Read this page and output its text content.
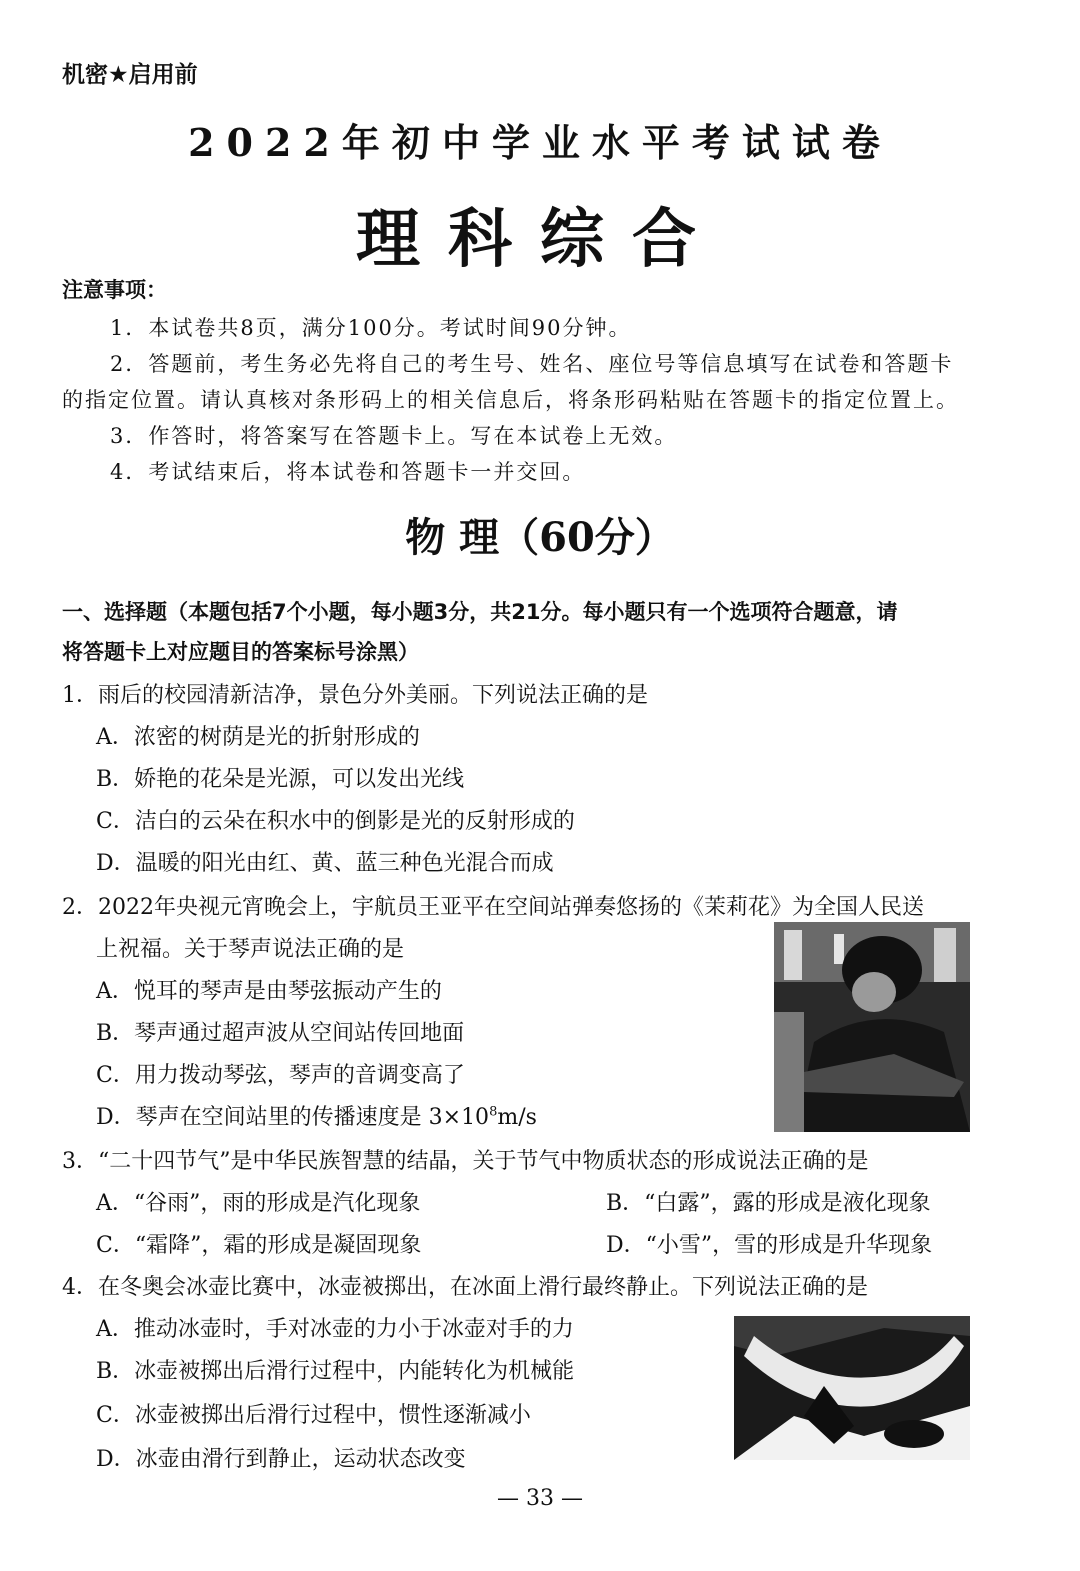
机密★启用前
2022年初中学业水平考试试卷
理科综合
注意事项：
1．本试卷共8页，满分100分。考试时间90分钟。
2．答题前，考生务必先将自己的考生号、姓名、座位号等信息填写在试卷和答题卡
的指定位置。请认真核对条形码上的相关信息后，将条形码粘贴在答题卡的指定位置上。
3．作答时，将答案写在答题卡上。写在本试卷上无效。
4．考试结束后，将本试卷和答题卡一并交回。
物 理（60分）
一、选择题（本题包括7个小题，每小题3分，共21分。每小题只有一个选项符合题意，请
将答题卡上对应题目的答案标号涂黑）
1．雨后的校园清新洁净，景色分外美丽。下列说法正确的是
A．浓密的树荫是光的折射形成的
B．娇艳的花朵是光源，可以发出光线
C．洁白的云朵在积水中的倒影是光的反射形成的
D．温暖的阳光由红、黄、蓝三种色光混合而成
2．2022年央视元宵晚会上，宇航员王亚平在空间站弹奏悠扬的《茉莉花》为全国人民送
上祝福。关于琴声说法正确的是
A．悦耳的琴声是由琴弦振动产生的
B．琴声通过超声波从空间站传回地面
C．用力拨动琴弦，琴声的音调变高了
D．琴声在空间站里的传播速度是 $3\times 10^8m/s$
3．“二十四节气”是中华民族智慧的结晶，关于节气中物质状态的形成说法正确的是
A．“谷雨”，雨的形成是汽化现象	B．“白露”，露的形成是液化现象
C．“霜降”，霜的形成是凝固现象	D．“小雪”，雪的形成是升华现象
4．在冬奥会冰壶比赛中，冰壶被掷出，在冰面上滑行最终静止。下列说法正确的是
A．推动冰壶时，手对冰壶的力小于冰壶对手的力
B．冰壶被掷出后滑行过程中，内能转化为机械能
C．冰壶被掷出后滑行过程中，惯性逐渐减小
D．冰壶由滑行到静止，运动状态改变
— 33 —
